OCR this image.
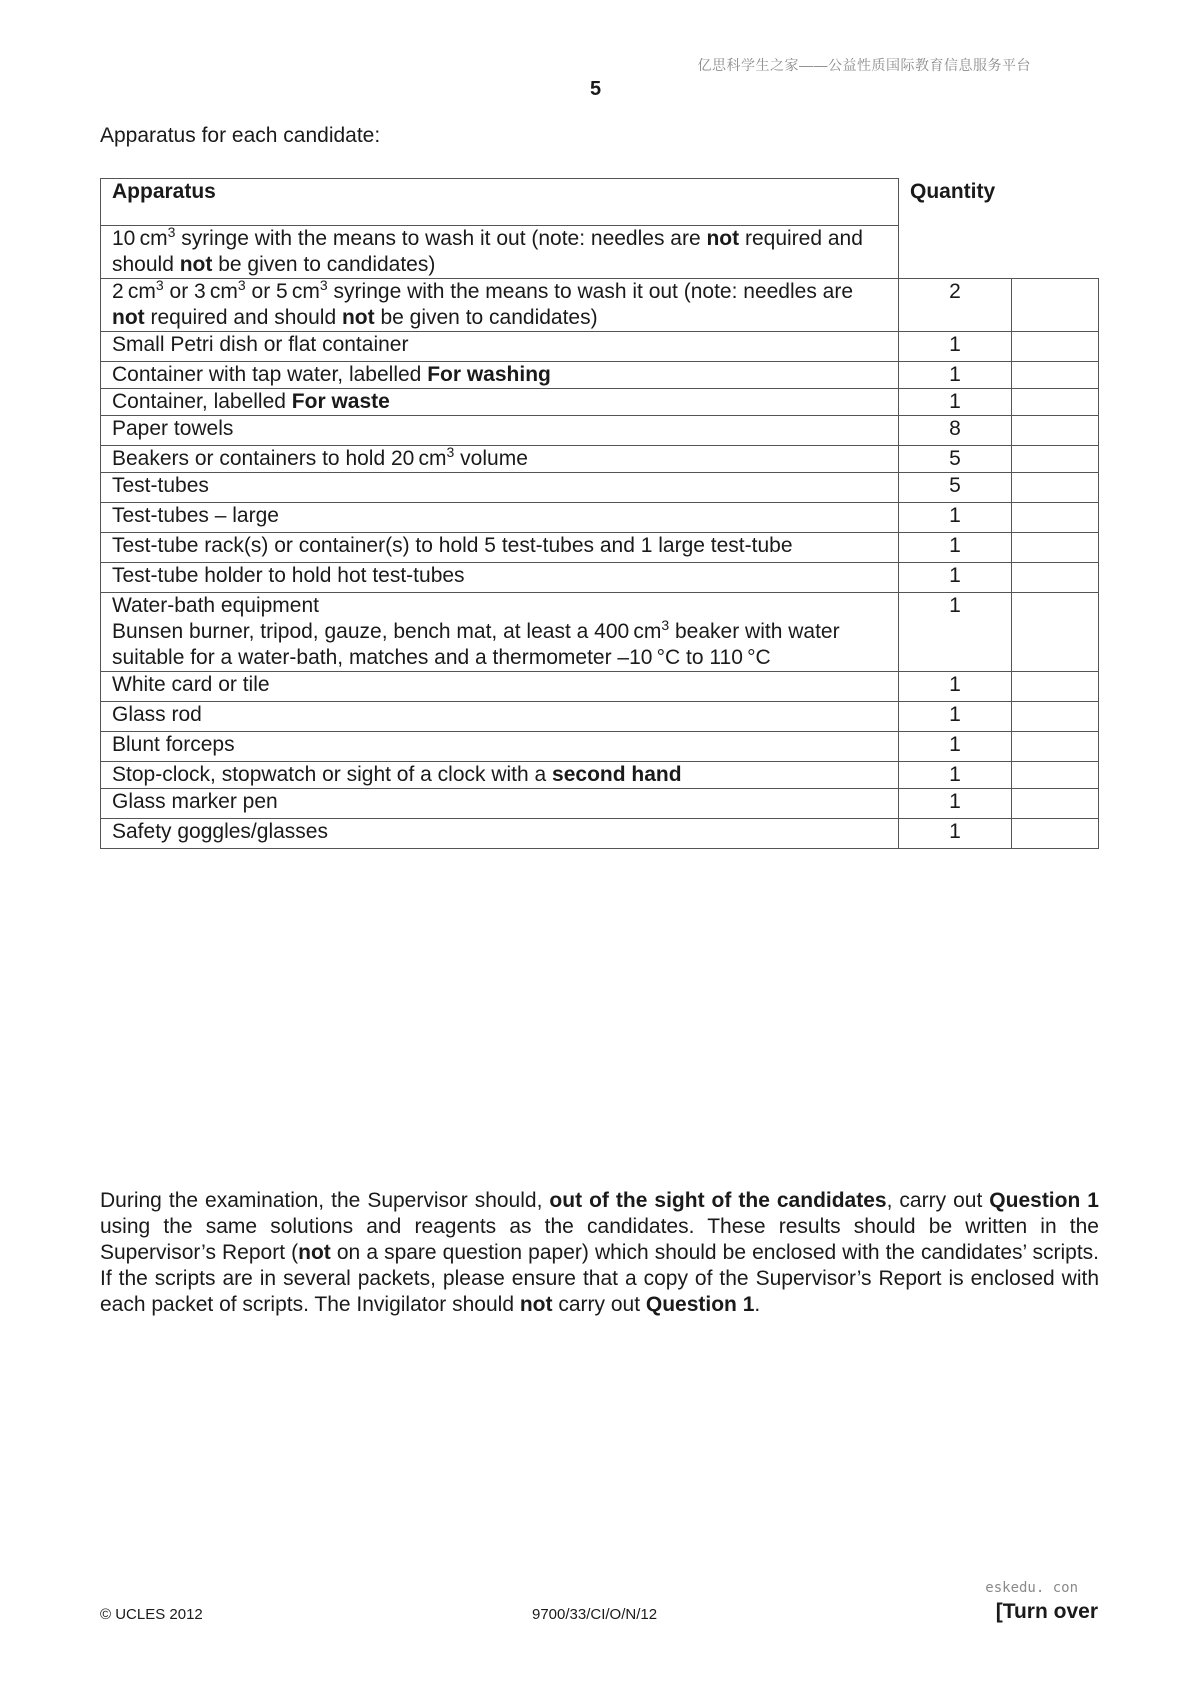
亿思科学生之家——公益性质国际教育信息服务平台
5
Apparatus for each candidate:
Apparatus	Quantity	
10 $cm^3$ syringe with the means to wash it out (note: needles are not required and should not be given to candidates)		
2 $cm^3$ or 3 $cm^3$ or 5 $cm^3$ syringe with the means to wash it out (note: needles are not required and should not be given to candidates)	2	
Small Petri dish or flat container	1	
Container with tap water, labelled For washing	1	
Container, labelled For waste	1	
Paper towels	8	
Beakers or containers to hold 20 $cm^3$ volume	5	
Test-tubes	5	
Test-tubes – large	1	
Test-tube rack(s) or container(s) to hold 5 test-tubes and 1 large test-tube	1	
Test-tube holder to hold hot test-tubes	1	
Water-bath equipment
Bunsen burner, tripod, gauze, bench mat, at least a 400 $cm^3$ beaker with water suitable for a water-bath, matches and a thermometer –10 °C to 110 °C	1	
White card or tile	1	
Glass rod	1	
Blunt forceps	1	
Stop-clock, stopwatch or sight of a clock with a second hand	1	
Glass marker pen	1	
Safety goggles/glasses	1	
During the examination, the Supervisor should, out of the sight of the candidates, carry out Question 1 using the same solutions and reagents as the candidates. These results should be written in the Supervisor’s Report (not on a spare question paper) which should be enclosed with the candidates’ scripts. If the scripts are in several packets, please ensure that a copy of the Supervisor’s Report is enclosed with each packet of scripts. The Invigilator should not carry out Question 1.
© UCLES 2012	9700/33/CI/O/N/12
eskedu. con
[Turn over
